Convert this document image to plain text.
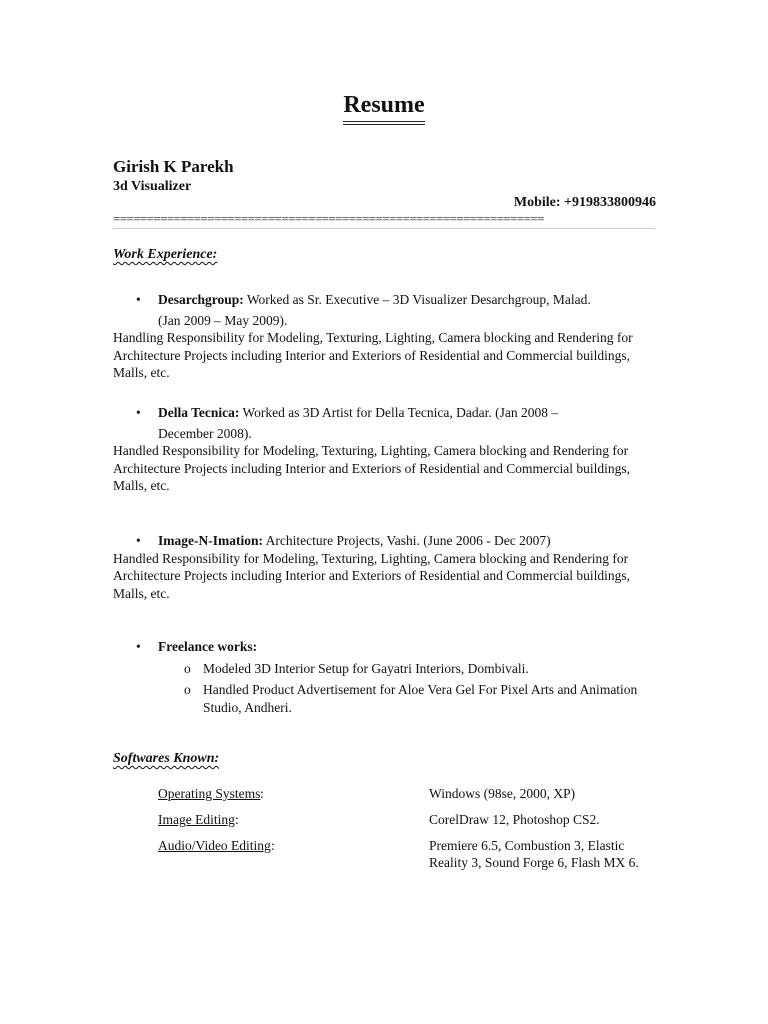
Resume
Girish K Parekh
3d Visualizer
Mobile: +919833800946
================================================================
Work Experience:
• Desarchgroup: Worked as Sr. Executive – 3D Visualizer Desarchgroup, Malad.
(Jan 2009 – May 2009).
Handling Responsibility for Modeling, Texturing, Lighting, Camera blocking and Rendering for Architecture Projects including Interior and Exteriors of Residential and Commercial buildings, Malls, etc.
• Della Tecnica: Worked as 3D Artist for Della Tecnica, Dadar. (Jan 2008 –
December 2008).
Handled Responsibility for Modeling, Texturing, Lighting, Camera blocking and Rendering for Architecture Projects including Interior and Exteriors of Residential and Commercial buildings, Malls, etc.
• Image-N-Imation: Architecture Projects, Vashi. (June 2006 - Dec 2007)
Handled Responsibility for Modeling, Texturing, Lighting, Camera blocking and Rendering for Architecture Projects including Interior and Exteriors of Residential and Commercial buildings, Malls, etc.
• Freelance works:
o Modeled 3D Interior Setup for Gayatri Interiors, Dombivali.
o Handled Product Advertisement for Aloe Vera Gel For Pixel Arts and Animation Studio, Andheri.
Softwares Known:
Operating Systems :	Windows (98se, 2000, XP)
Image Editing :	CorelDraw 12, Photoshop CS2.
Audio/Video Editing :	Premiere 6.5, Combustion 3, Elastic Reality 3, Sound Forge 6, Flash MX 6.
